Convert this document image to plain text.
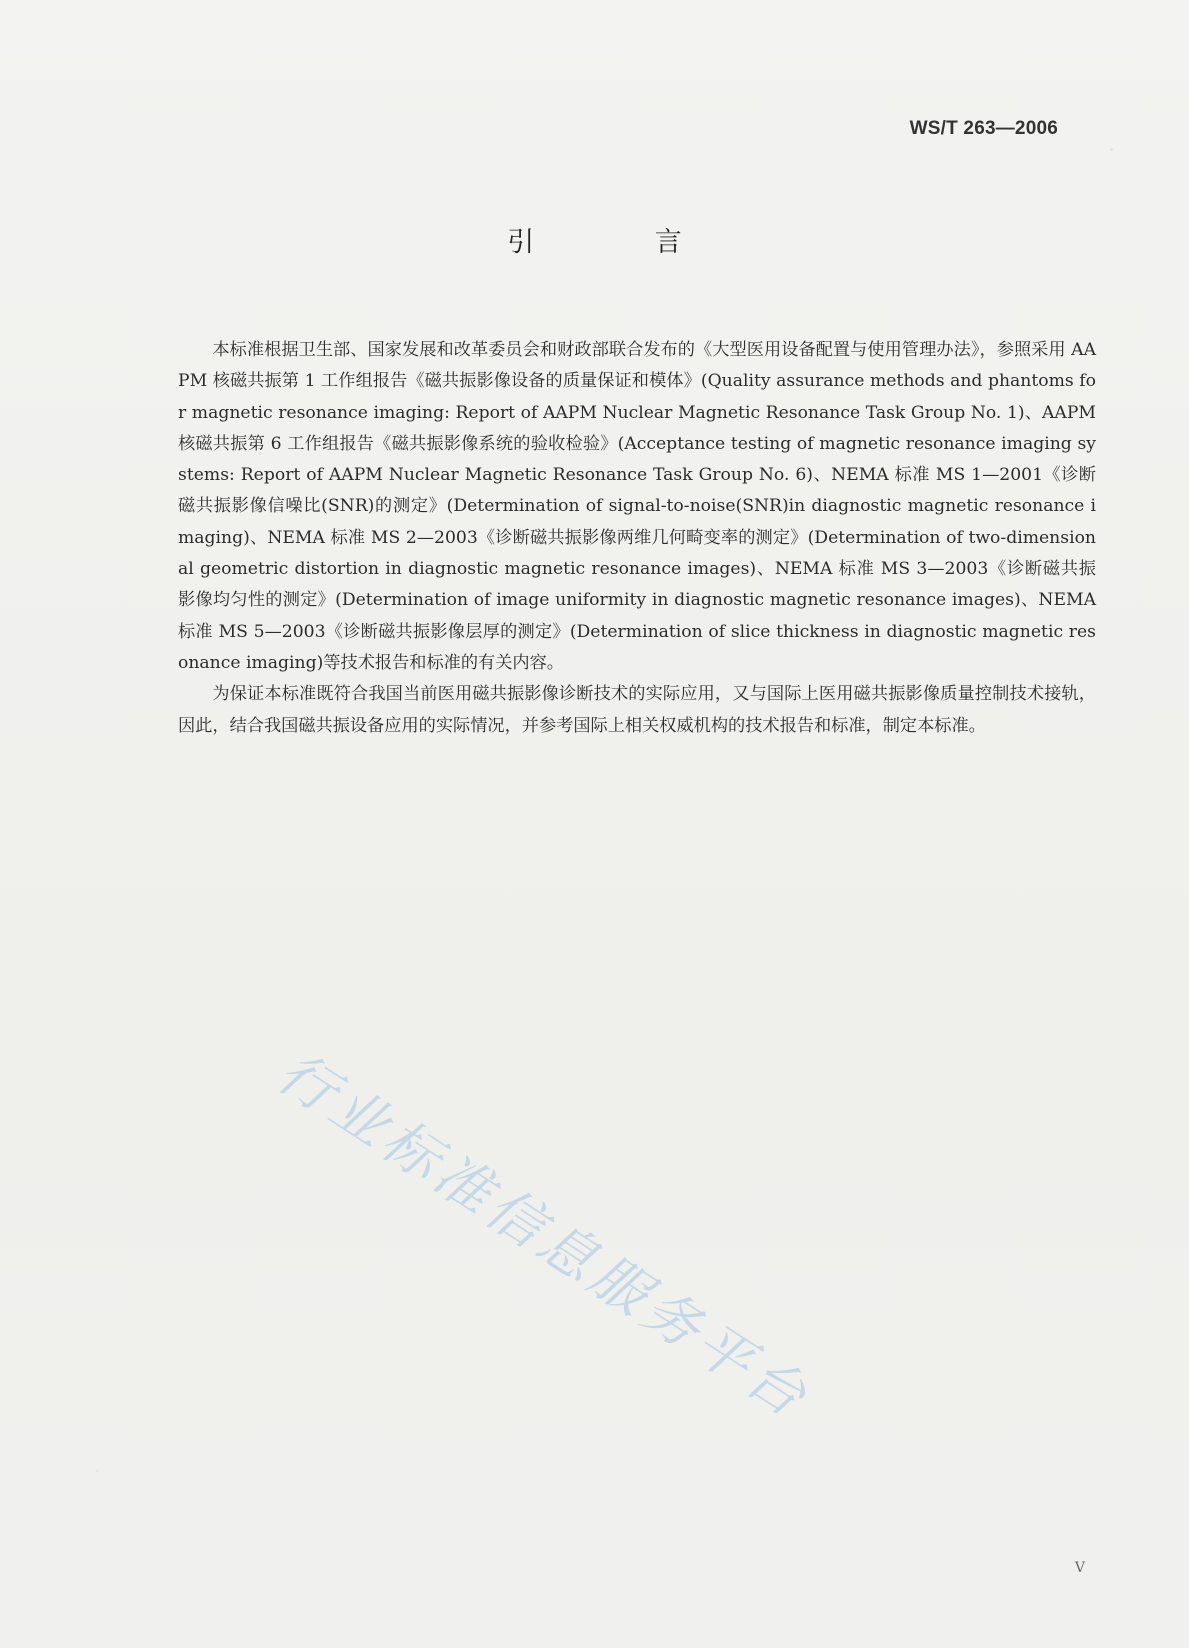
WS/T 263—2006
引 言

本标准根据卫生部、国家发展和改革委员会和财政部联合发布的《大型医用设备配置与使用管理办法》，参照采用 AAPM 核磁共振第 1 工作组报告《磁共振影像设备的质量保证和模体》(Quality assurance methods and phantoms for magnetic resonance imaging: Report of AAPM Nuclear Magnetic Resonance Task Group No. 1)、AAPM 核磁共振第 6 工作组报告《磁共振影像系统的验收检验》(Acceptance testing of magnetic resonance imaging systems: Report of AAPM Nuclear Magnetic Resonance Task Group No. 6)、NEMA 标准 MS 1—2001《诊断磁共振影像信噪比(SNR)的测定》(Determination of signal-to-noise(SNR)in diagnostic magnetic resonance imaging)、NEMA 标准 MS 2—2003《诊断磁共振影像两维几何畸变率的测定》(Determination of two-dimensional geometric distortion in diagnostic magnetic resonance images)、NEMA 标准 MS 3—2003《诊断磁共振影像均匀性的测定》(Determination of image uniformity in diagnostic magnetic resonance images)、NEMA 标准 MS 5—2003《诊断磁共振影像层厚的测定》(Determination of slice thickness in diagnostic magnetic resonance imaging)等技术报告和标准的有关内容。

为保证本标准既符合我国当前医用磁共振影像诊断技术的实际应用，又与国际上医用磁共振影像质量控制技术接轨，因此，结合我国磁共振设备应用的实际情况，并参考国际上相关权威机构的技术报告和标准，制定本标准。

行业标准信息服务平台
V
